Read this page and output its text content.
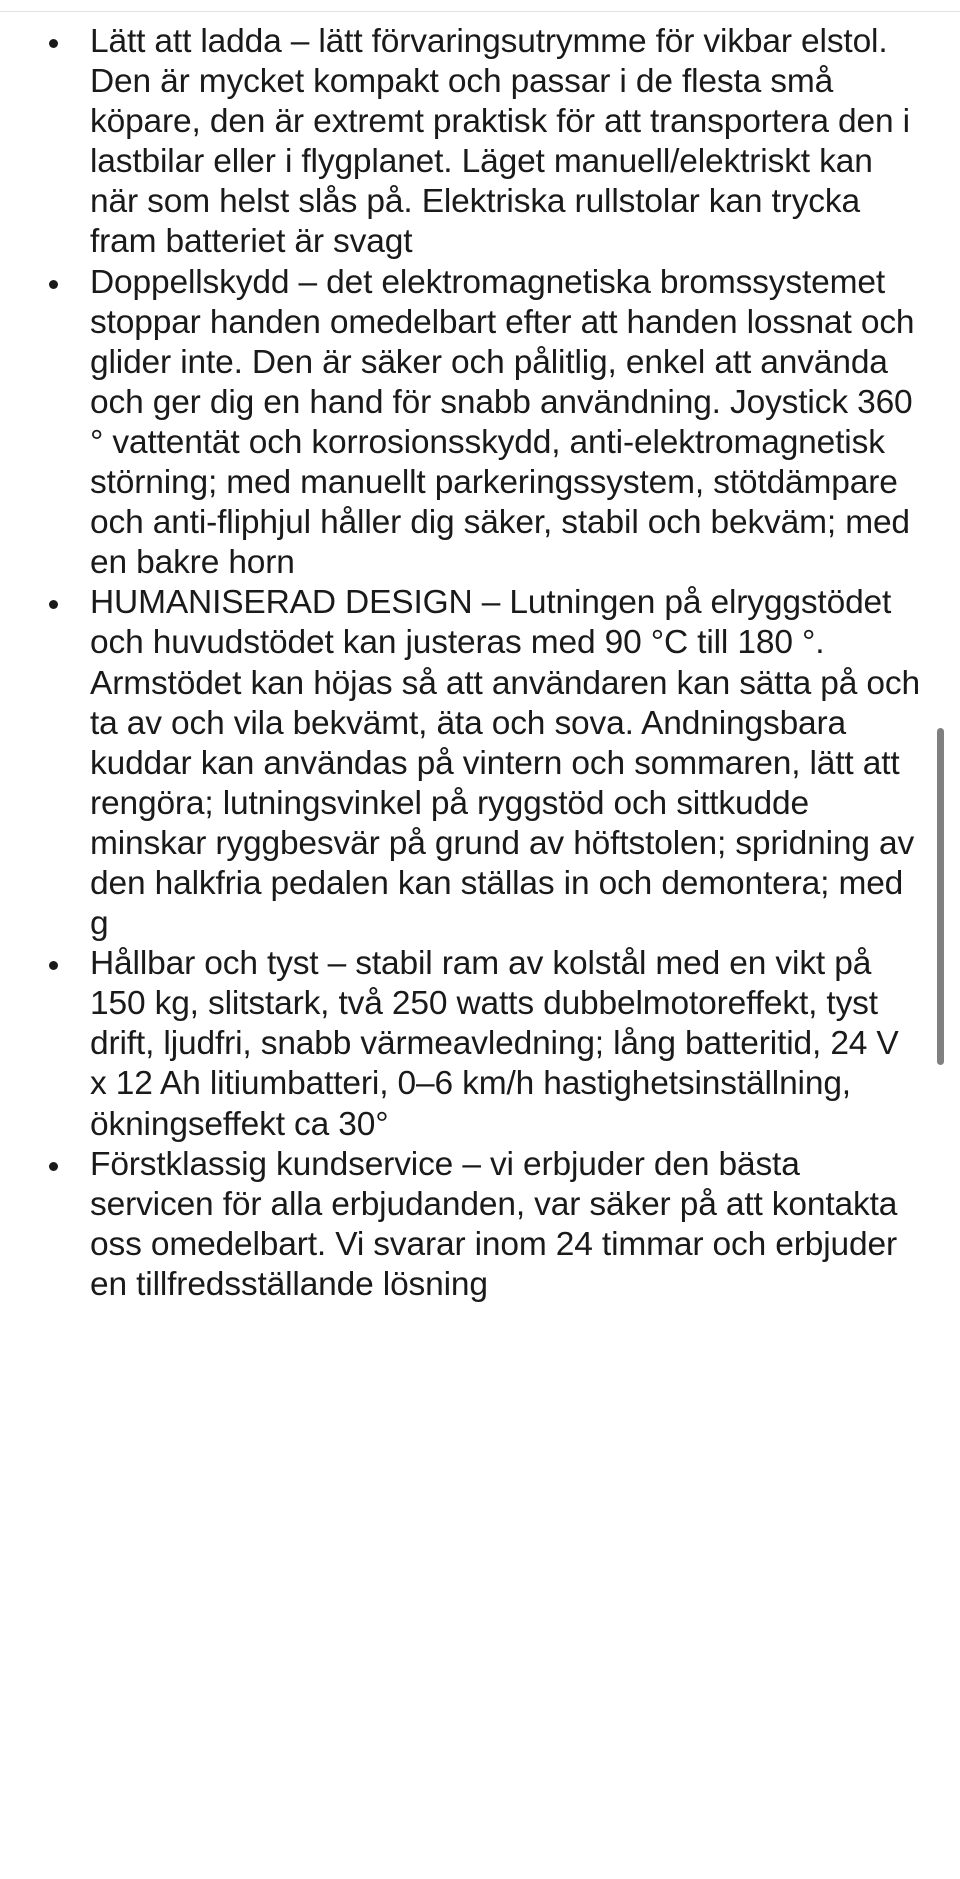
Lätt att ladda – lätt förvaringsutrymme för vikbar elstol. Den är mycket kompakt och passar i de flesta små köpare, den är extremt praktisk för att transportera den i lastbilar eller i flygplanet. Läget manuell/elektriskt kan när som helst slås på. Elektriska rullstolar kan trycka fram batteriet är svagt
Doppellskydd – det elektromagnetiska bromssystemet stoppar handen omedelbart efter att handen lossnat och glider inte. Den är säker och pålitlig, enkel att använda och ger dig en hand för snabb användning. Joystick 360 ° vattentät och korrosionsskydd, anti-elektromagnetisk störning; med manuellt parkeringssystem, stötdämpare och anti-fliphjul håller dig säker, stabil och bekväm; med en bakre horn
HUMANISERAD DESIGN – Lutningen på elryggstödet och huvudstödet kan justeras med 90 °C till 180 °. Armstödet kan höjas så att användaren kan sätta på och ta av och vila bekvämt, äta och sova. Andningsbara kuddar kan användas på vintern och sommaren, lätt att rengöra; lutningsvinkel på ryggstöd och sittkudde minskar ryggbesvär på grund av höftstolen; spridning av den halkfria pedalen kan ställas in och demontera; med g
Hållbar och tyst – stabil ram av kolstål med en vikt på 150 kg, slitstark, två 250 watts dubbelmotoreffekt, tyst drift, ljudfri, snabb värmeavledning; lång batteritid, 24 V x 12 Ah litiumbatteri, 0–6 km/h hastighetsinställning, ökningseffekt ca 30°
Förstklassig kundservice – vi erbjuder den bästa servicen för alla erbjudanden, var säker på att kontakta oss omedelbart. Vi svarar inom 24 timmar och erbjuder en tillfredsställande lösning
